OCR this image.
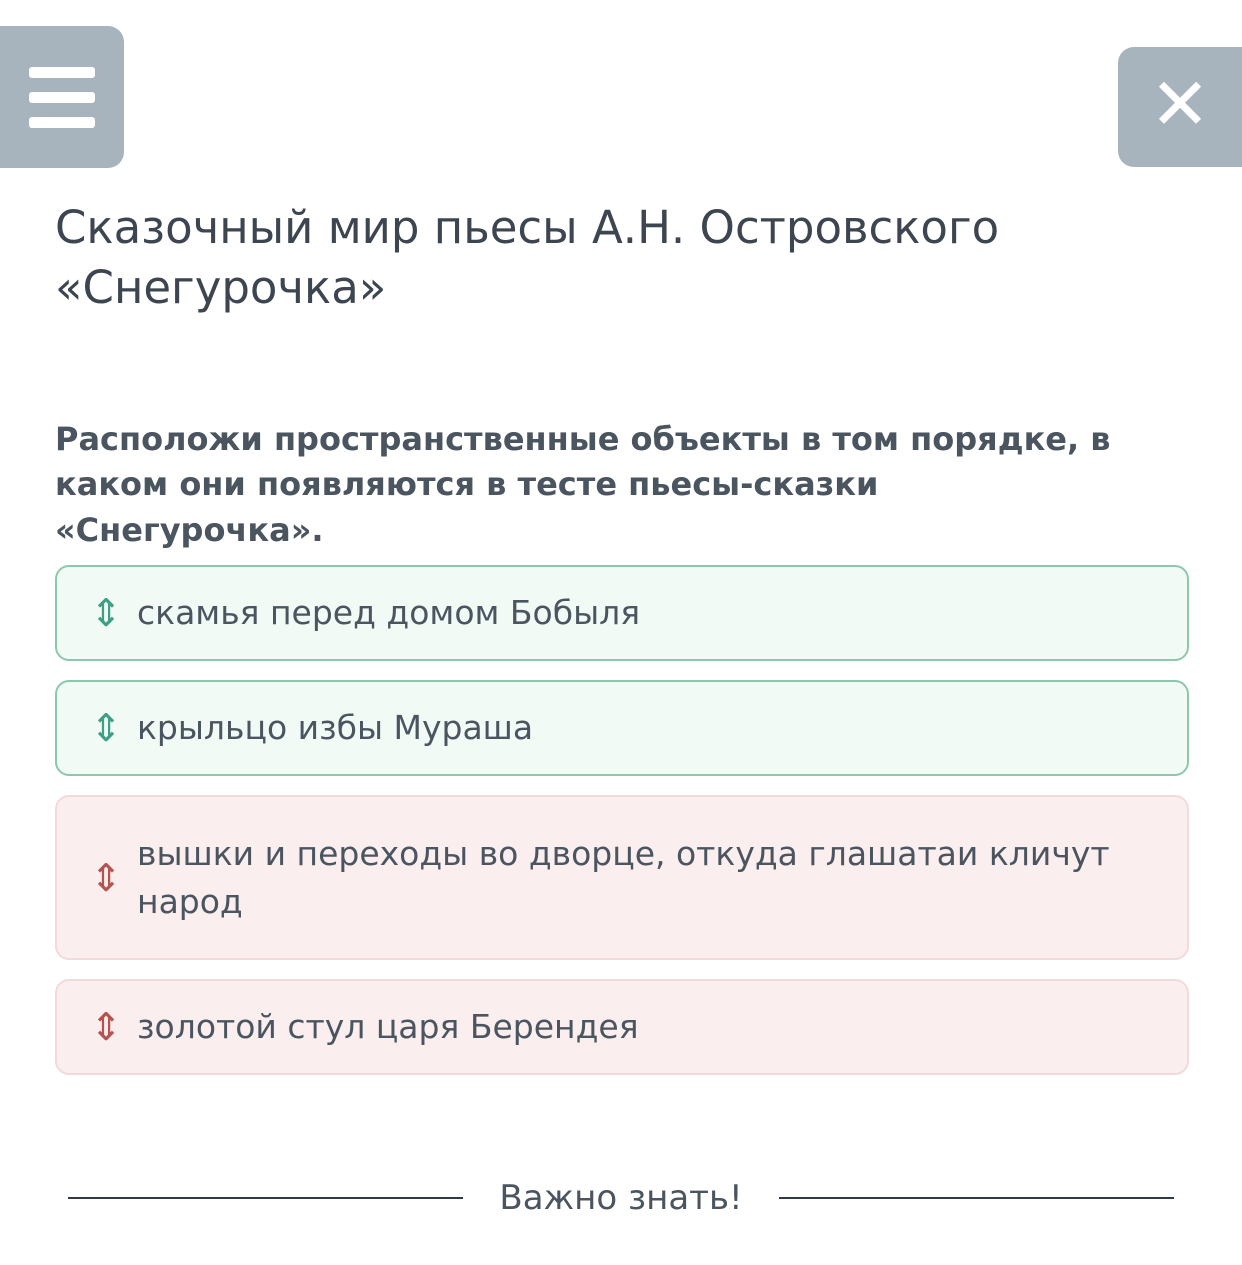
✕
Сказочный мир пьесы А.Н. Островского «Снегурочка»

Расположи пространственные объекты в том порядке, в каком они появляются в тесте пьесы-сказки «Снегурочка».

⇕ скамья перед домом Бобыля
⇕ крыльцо избы Мураша
⇕
вышки и переходы во дворце, откуда глашатаи кличут народ
⇕ золотой стул царя Берендея
Важно знать!
